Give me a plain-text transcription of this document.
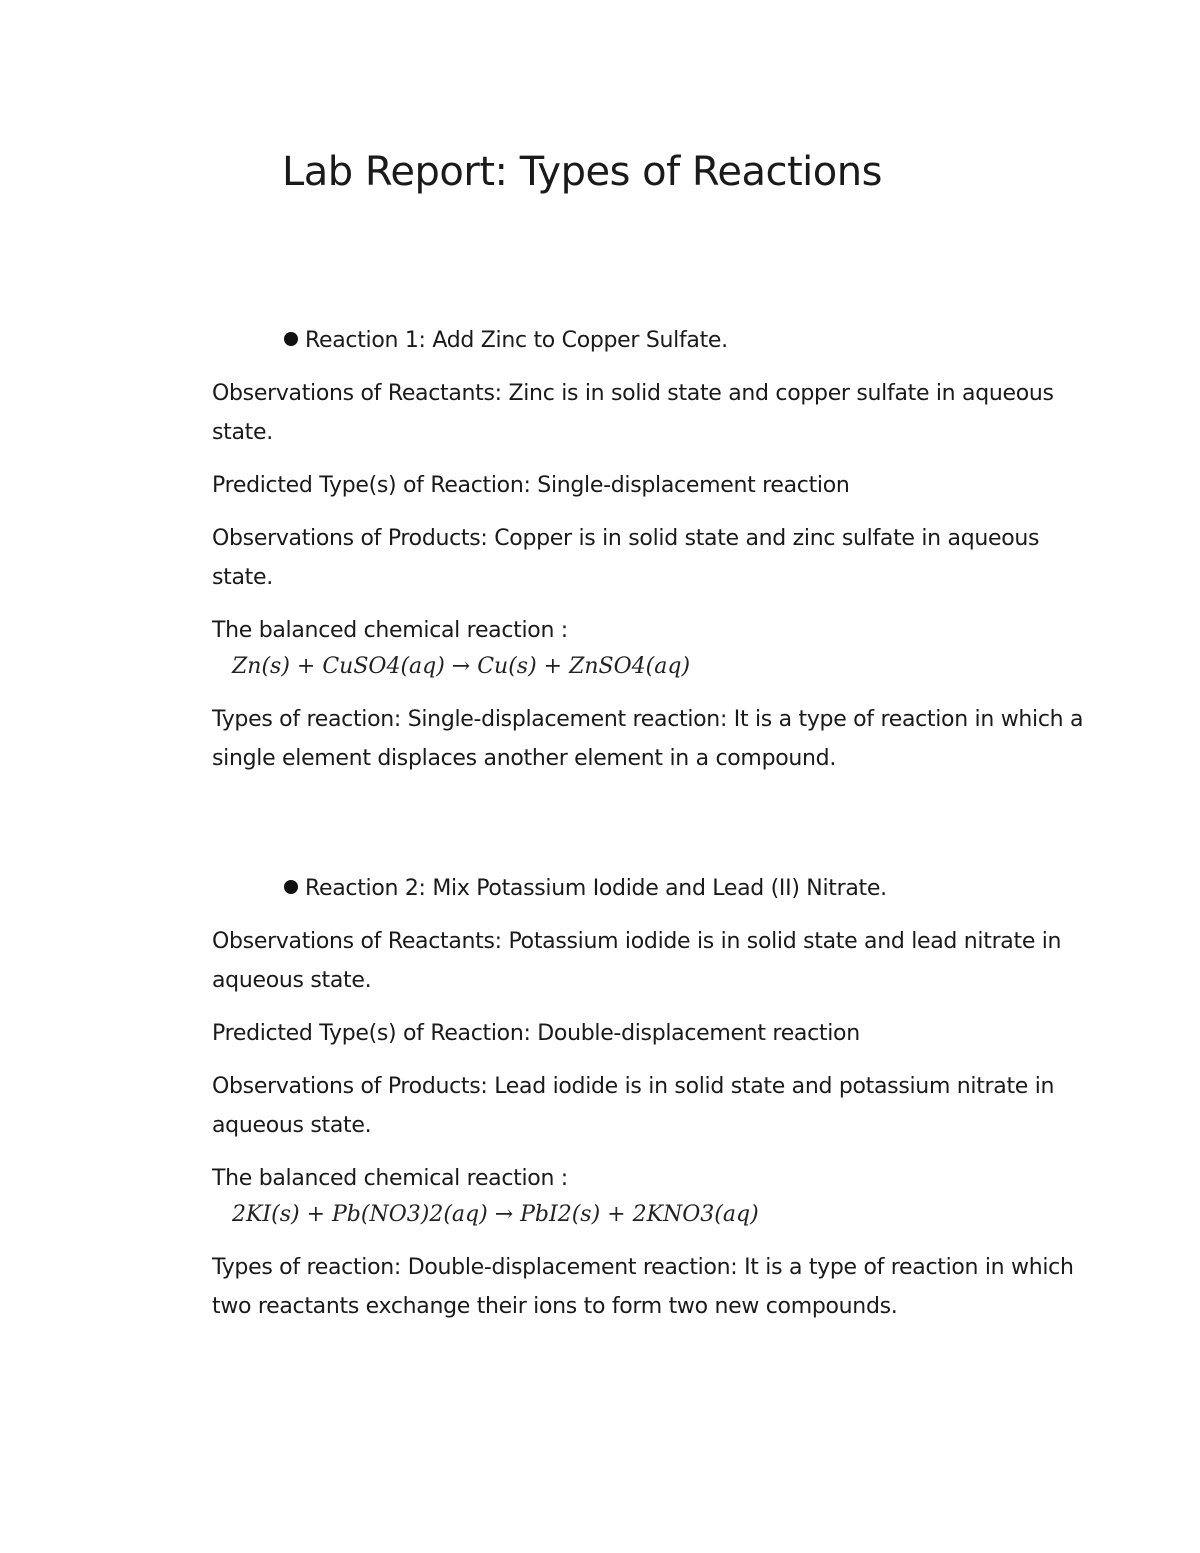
Lab Report: Types of Reactions
Reaction 1: Add Zinc to Copper Sulfate.
Observations of Reactants: Zinc is in solid state and copper sulfate in aqueous state.
Predicted Type(s) of Reaction: Single-displacement reaction
Observations of Products: Copper is in solid state and zinc sulfate in aqueous state.
The balanced chemical reaction :
Zn(s) + CuSO4(aq) → Cu(s) + ZnSO4(aq)
Types of reaction: Single-displacement reaction: It is a type of reaction in which a single element displaces another element in a compound.
Reaction 2: Mix Potassium Iodide and Lead (II) Nitrate.
Observations of Reactants: Potassium iodide is in solid state and lead nitrate in aqueous state.
Predicted Type(s) of Reaction: Double-displacement reaction
Observations of Products: Lead iodide is in solid state and potassium nitrate in aqueous state.
The balanced chemical reaction :
2KI(s) + Pb(NO3)2(aq) → PbI2(s) + 2KNO3(aq)
Types of reaction: Double-displacement reaction: It is a type of reaction in which two reactants exchange their ions to form two new compounds.
